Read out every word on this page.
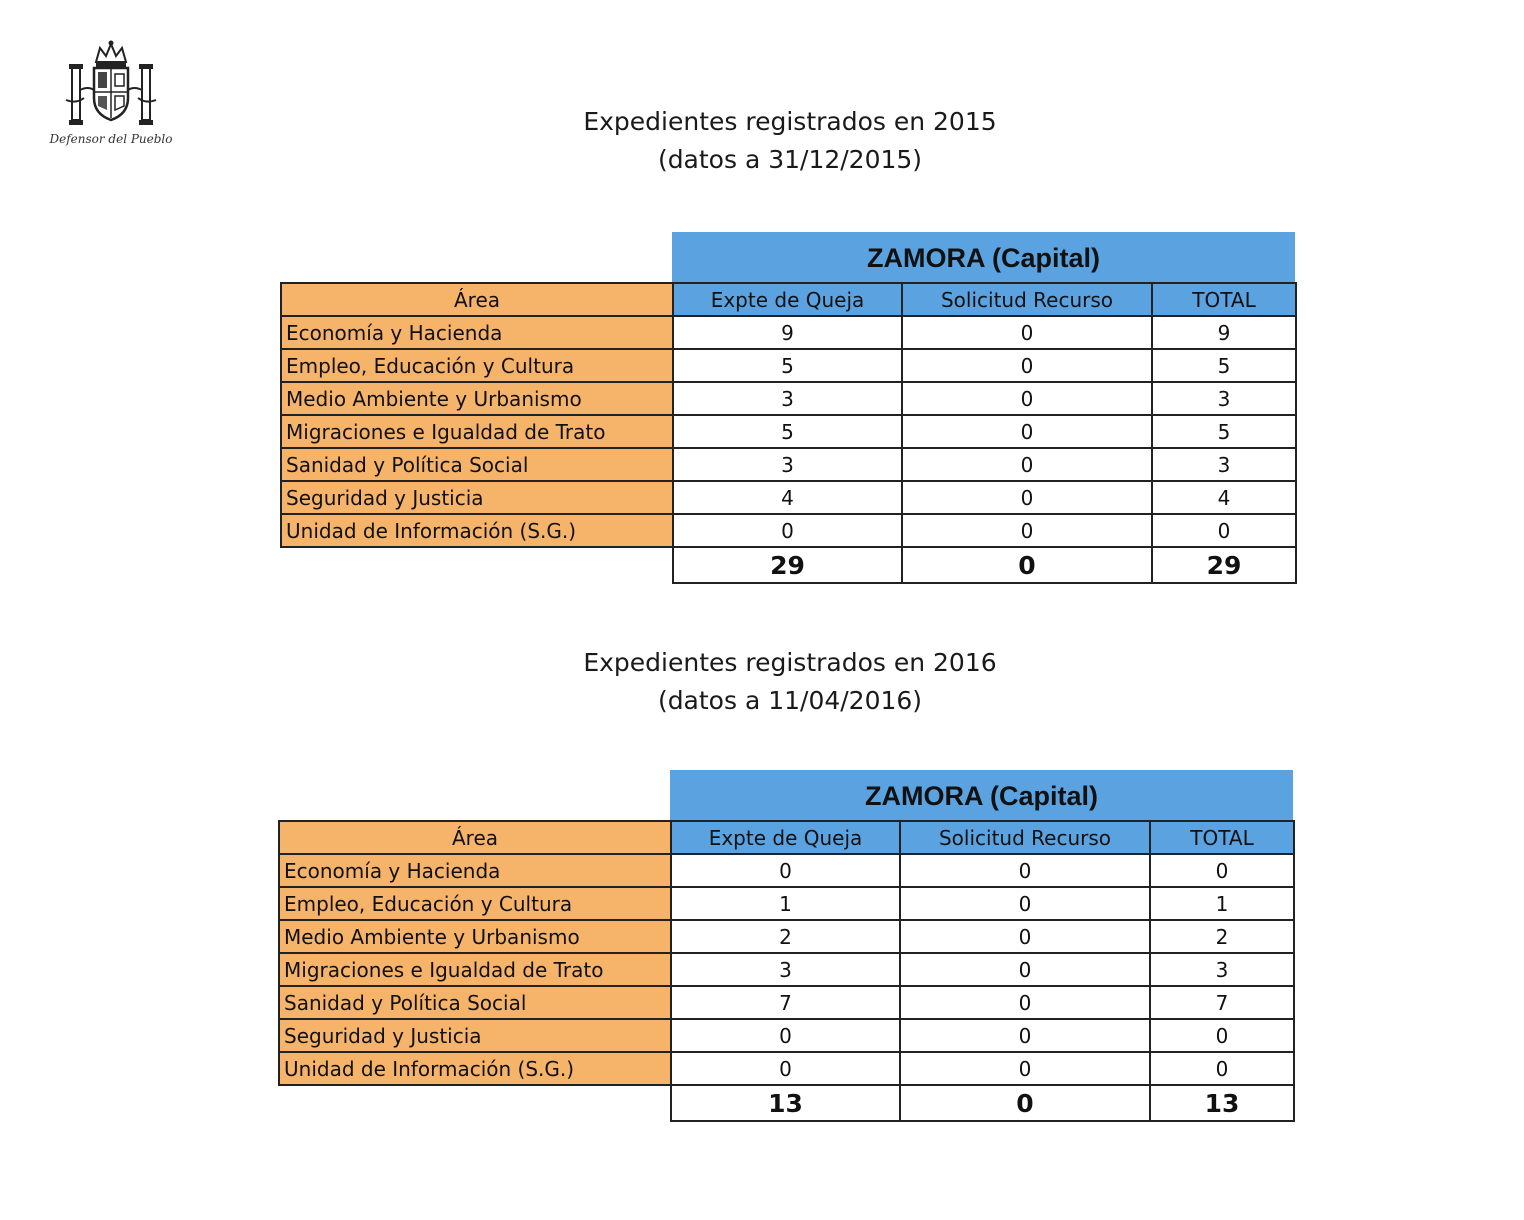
Defensor del Pueblo
Expedientes registrados en 2015
(datos a 31/12/2015)
ZAMORA (Capital)
Área	Expte de Queja	Solicitud Recurso	TOTAL
Economía y Hacienda	9	0	9
Empleo, Educación y Cultura	5	0	5
Medio Ambiente y Urbanismo	3	0	3
Migraciones e Igualdad de Trato	5	0	5
Sanidad y Política Social	3	0	3
Seguridad y Justicia	4	0	4
Unidad de Información (S.G.)	0	0	0
	29	0	29
Expedientes registrados en 2016
(datos a 11/04/2016)
ZAMORA (Capital)
Área	Expte de Queja	Solicitud Recurso	TOTAL
Economía y Hacienda	0	0	0
Empleo, Educación y Cultura	1	0	1
Medio Ambiente y Urbanismo	2	0	2
Migraciones e Igualdad de Trato	3	0	3
Sanidad y Política Social	7	0	7
Seguridad y Justicia	0	0	0
Unidad de Información (S.G.)	0	0	0
	13	0	13
